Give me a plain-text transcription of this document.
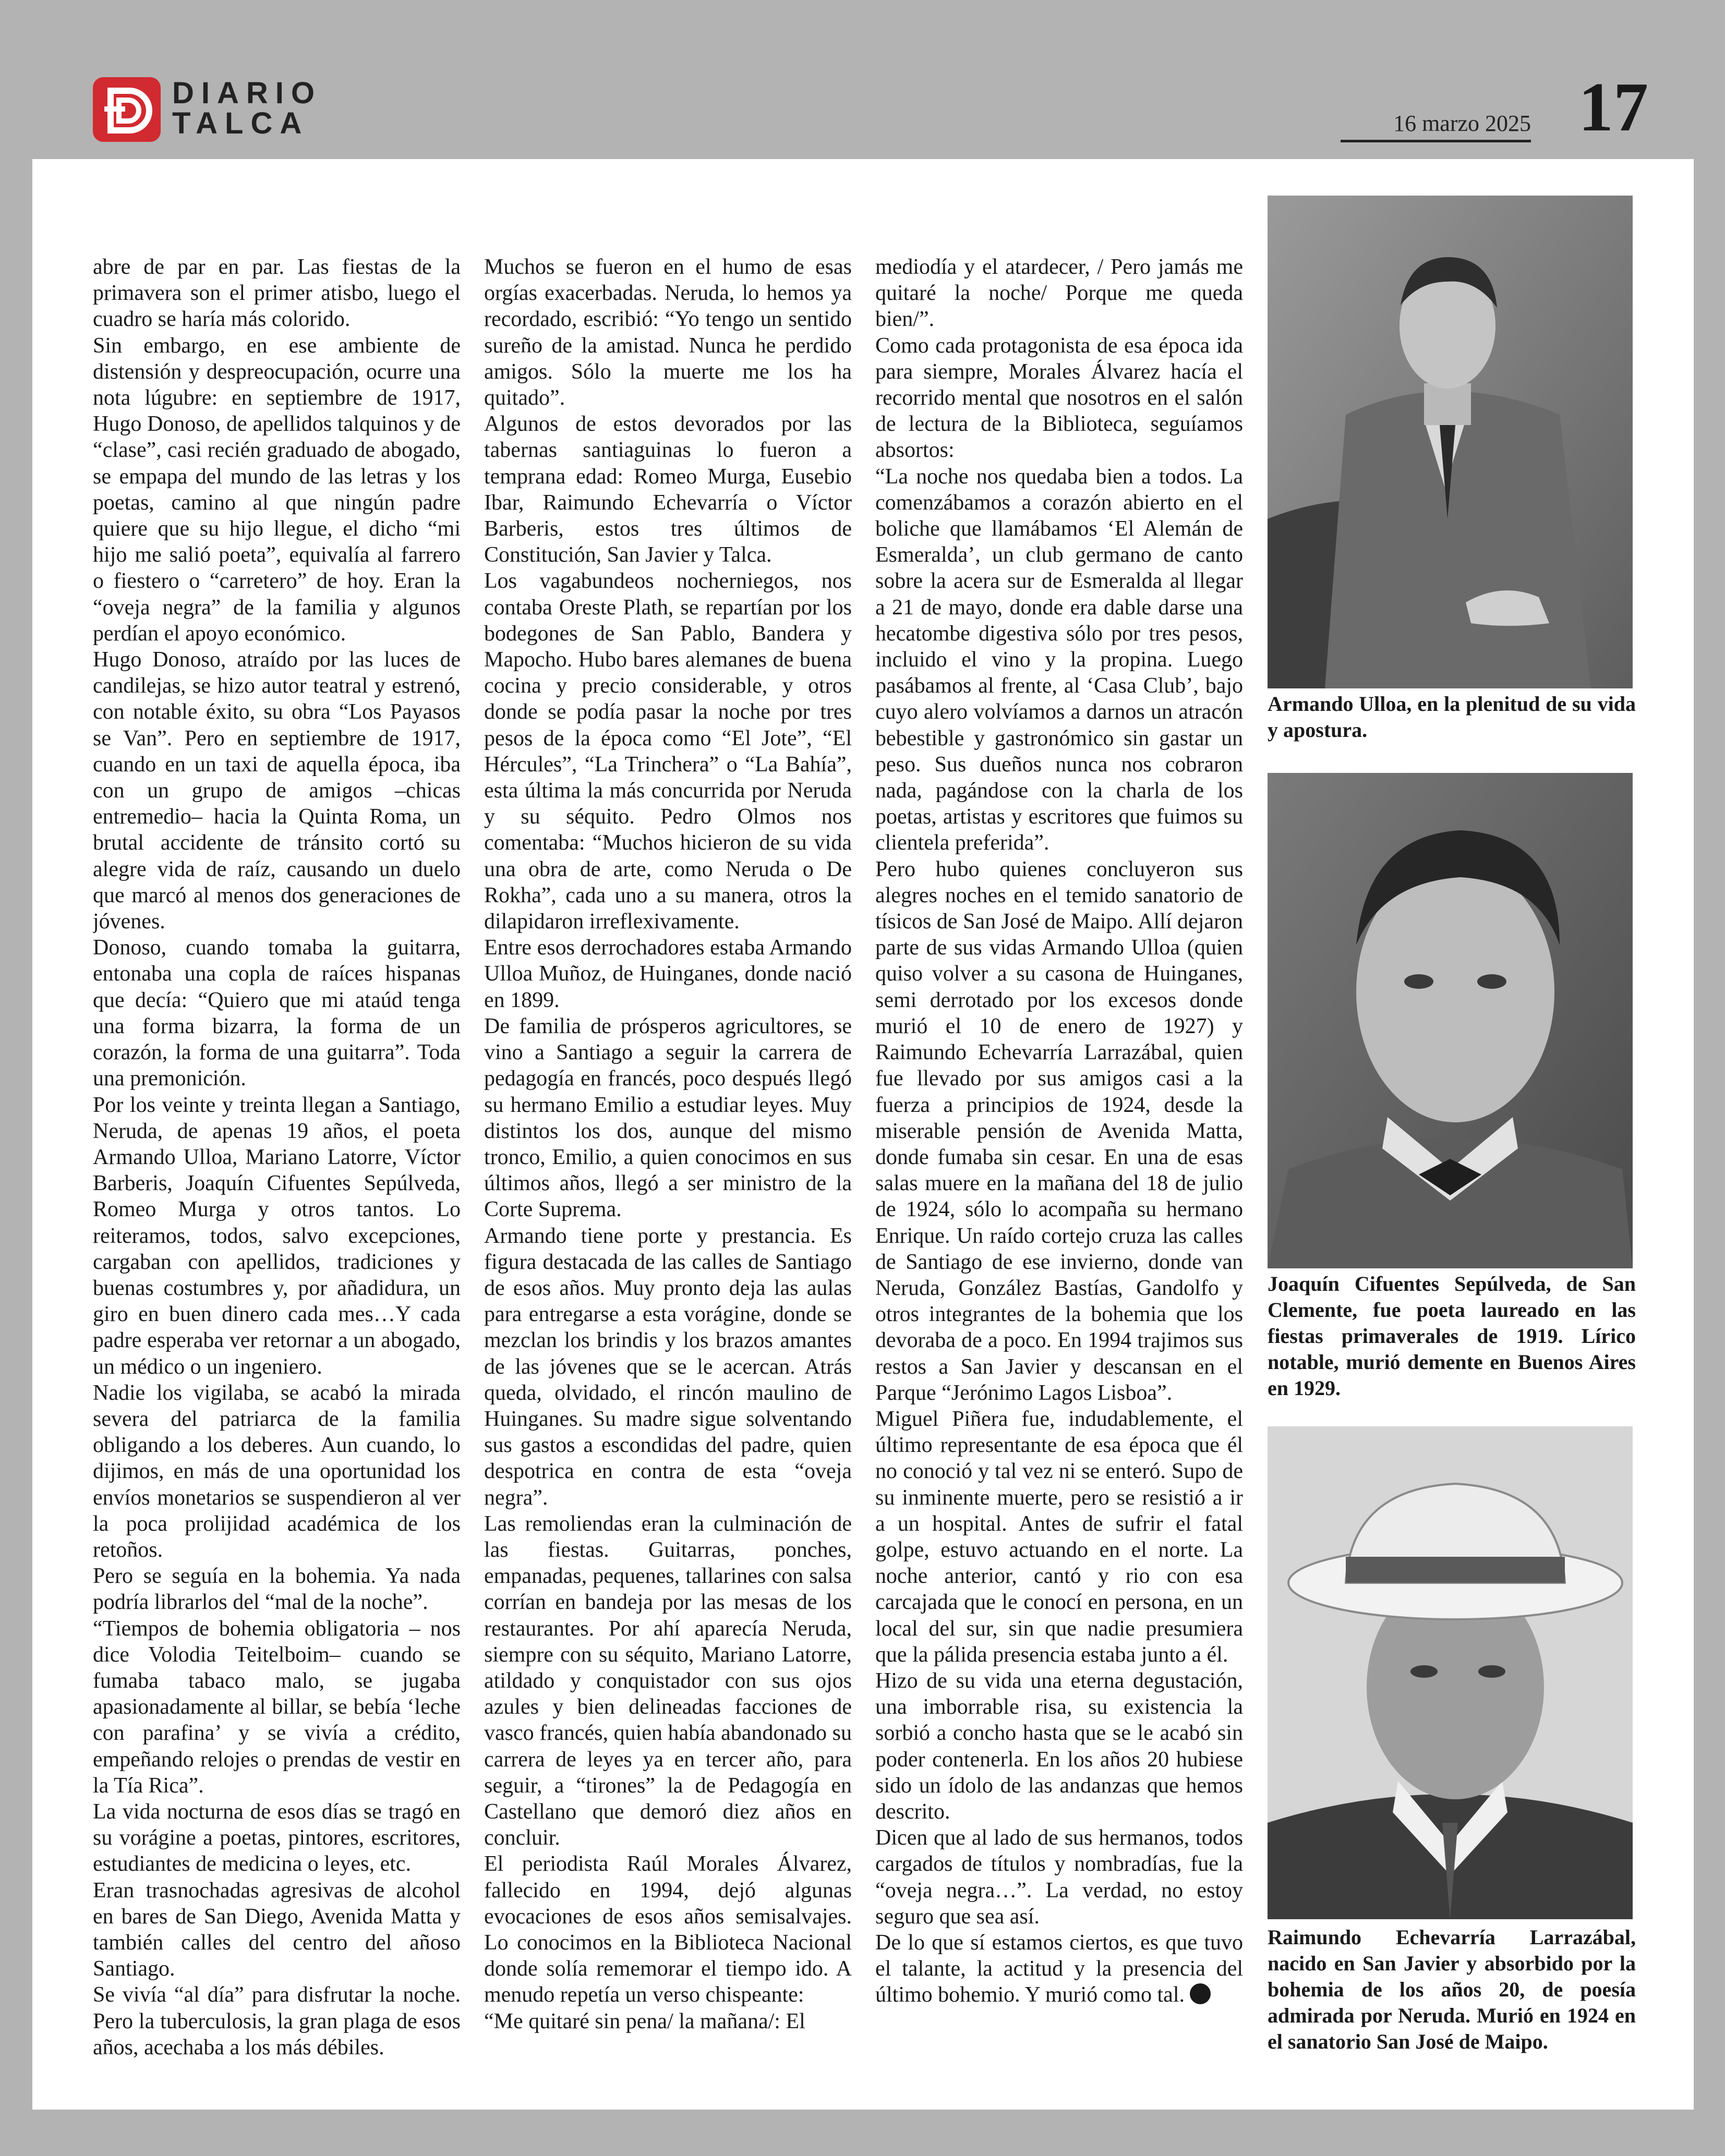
DIARIO
TALCA	16 marzo 2025 17

abre de par en par. Las fiestas de la primavera son el primer atisbo, luego el cuadro se haría más colorido.

Sin embargo, en ese ambiente de distensión y despreocupación, ocurre una nota lúgubre: en septiembre de 1917, Hugo Donoso, de apellidos talquinos y de “clase”, casi recién graduado de abogado, se empapa del mundo de las letras y los poetas, camino al que ningún padre quiere que su hijo llegue, el dicho “mi hijo me salió poeta”, equivalía al farrero o fiestero o “carretero” de hoy. Eran la “oveja negra” de la familia y algunos perdían el apoyo económico.

Hugo Donoso, atraído por las luces de candilejas, se hizo autor teatral y estrenó, con notable éxito, su obra “Los Payasos se Van”. Pero en septiembre de 1917, cuando en un taxi de aquella época, iba con un grupo de amigos –chicas entremedio– hacia la Quinta Roma, un brutal accidente de tránsito cortó su alegre vida de raíz, causando un duelo que marcó al menos dos generaciones de jóvenes.

Donoso, cuando tomaba la guitarra, entonaba una copla de raíces hispanas que decía: “Quiero que mi ataúd tenga una forma bizarra, la forma de un corazón, la forma de una guitarra”. Toda una premonición.

Por los veinte y treinta llegan a Santiago, Neruda, de apenas 19 años, el poeta Armando Ulloa, Mariano Latorre, Víctor Barberis, Joaquín Cifuentes Sepúlveda, Romeo Murga y otros tantos. Lo reiteramos, todos, salvo excepciones, cargaban con apellidos, tradiciones y buenas costumbres y, por añadidura, un giro en buen dinero cada mes…Y cada padre esperaba ver retornar a un abogado, un médico o un ingeniero.

Nadie los vigilaba, se acabó la mirada severa del patriarca de la familia obligando a los deberes. Aun cuando, lo dijimos, en más de una oportunidad los envíos monetarios se suspendieron al ver la poca prolijidad académica de los retoños.

Pero se seguía en la bohemia. Ya nada podría librarlos del “mal de la noche”.

“Tiempos de bohemia obligatoria – nos dice Volodia Teitelboim– cuando se fumaba tabaco malo, se jugaba apasionadamente al billar, se bebía ‘leche con parafina’ y se vivía a crédito, empeñando relojes o prendas de vestir en la Tía Rica”.

La vida nocturna de esos días se tragó en su vorágine a poetas, pintores, escritores, estudiantes de medicina o leyes, etc.

Eran trasnochadas agresivas de alcohol en bares de San Diego, Avenida Matta y también calles del centro del añoso Santiago.

Se vivía “al día” para disfrutar la noche. Pero la tuberculosis, la gran plaga de esos años, acechaba a los más débiles.

Muchos se fueron en el humo de esas orgías exacerbadas. Neruda, lo hemos ya recordado, escribió: “Yo tengo un sentido sureño de la amistad. Nunca he perdido amigos. Sólo la muerte me los ha quitado”.

Algunos de estos devorados por las tabernas santiaguinas lo fueron a temprana edad: Romeo Murga, Eusebio Ibar, Raimundo Echevarría o Víctor Barberis, estos tres últimos de Constitución, San Javier y Talca.

Los vagabundeos nocherniegos, nos contaba Oreste Plath, se repartían por los bodegones de San Pablo, Bandera y Mapocho. Hubo bares alemanes de buena cocina y precio considerable, y otros donde se podía pasar la noche por tres pesos de la época como “El Jote”, “El Hércules”, “La Trinchera” o “La Bahía”, esta última la más concurrida por Neruda y su séquito. Pedro Olmos nos comentaba: “Muchos hicieron de su vida una obra de arte, como Neruda o De Rokha”, cada uno a su manera, otros la dilapidaron irreflexivamente.

Entre esos derrochadores estaba Armando Ulloa Muñoz, de Huinganes, donde nació en 1899.

De familia de prósperos agricultores, se vino a Santiago a seguir la carrera de pedagogía en francés, poco después llegó su hermano Emilio a estudiar leyes. Muy distintos los dos, aunque del mismo tronco, Emilio, a quien conocimos en sus últimos años, llegó a ser ministro de la Corte Suprema.

Armando tiene porte y prestancia. Es figura destacada de las calles de Santiago de esos años. Muy pronto deja las aulas para entregarse a esta vorágine, donde se mezclan los brindis y los brazos amantes de las jóvenes que se le acercan. Atrás queda, olvidado, el rincón maulino de Huinganes. Su madre sigue solventando sus gastos a escondidas del padre, quien despotrica en contra de esta “oveja negra”.

Las remoliendas eran la culminación de las fiestas. Guitarras, ponches, empanadas, pequenes, tallarines con salsa corrían en bandeja por las mesas de los restaurantes. Por ahí aparecía Neruda, siempre con su séquito, Mariano Latorre, atildado y conquistador con sus ojos azules y bien delineadas facciones de vasco francés, quien había abandonado su carrera de leyes ya en tercer año, para seguir, a “tirones” la de Pedagogía en Castellano que demoró diez años en concluir.

El periodista Raúl Morales Álvarez, fallecido en 1994, dejó algunas evocaciones de esos años semisalvajes. Lo conocimos en la Biblioteca Nacional donde solía rememorar el tiempo ido. A menudo repetía un verso chispeante:

“Me quitaré sin pena/ la mañana/: El

mediodía y el atardecer, / Pero jamás me quitaré la noche/ Porque me queda bien/”.

Como cada protagonista de esa época ida para siempre, Morales Álvarez hacía el recorrido mental que nosotros en el salón de lectura de la Biblioteca, seguíamos absortos:

“La noche nos quedaba bien a todos. La comenzábamos a corazón abierto en el boliche que llamábamos ‘El Alemán de Esmeralda’, un club germano de canto sobre la acera sur de Esmeralda al llegar a 21 de mayo, donde era dable darse una hecatombe digestiva sólo por tres pesos, incluido el vino y la propina. Luego pasábamos al frente, al ‘Casa Club’, bajo cuyo alero volvíamos a darnos un atracón bebestible y gastronómico sin gastar un peso. Sus dueños nunca nos cobraron nada, pagándose con la charla de los poetas, artistas y escritores que fuimos su clientela preferida”.

Pero hubo quienes concluyeron sus alegres noches en el temido sanatorio de tísicos de San José de Maipo. Allí dejaron parte de sus vidas Armando Ulloa (quien quiso volver a su casona de Huinganes, semi derrotado por los excesos donde murió el 10 de enero de 1927) y Raimundo Echevarría Larrazábal, quien fue llevado por sus amigos casi a la fuerza a principios de 1924, desde la miserable pensión de Avenida Matta, donde fumaba sin cesar. En una de esas salas muere en la mañana del 18 de julio de 1924, sólo lo acompaña su hermano Enrique. Un raído cortejo cruza las calles de Santiago de ese invierno, donde van Neruda, González Bastías, Gandolfo y otros integrantes de la bohemia que los devoraba de a poco. En 1994 trajimos sus restos a San Javier y descansan en el Parque “Jerónimo Lagos Lisboa”.

Miguel Piñera fue, indudablemente, el último representante de esa época que él no conoció y tal vez ni se enteró. Supo de su inminente muerte, pero se resistió a ir a un hospital. Antes de sufrir el fatal golpe, estuvo actuando en el norte. La noche anterior, cantó y rio con esa carcajada que le conocí en persona, en un local del sur, sin que nadie presumiera que la pálida presencia estaba junto a él.

Hizo de su vida una eterna degustación, una imborrable risa, su existencia la sorbió a concho hasta que se le acabó sin poder contenerla. En los años 20 hubiese sido un ídolo de las andanzas que hemos descrito.

Dicen que al lado de sus hermanos, todos cargados de títulos y nombradías, fue la “oveja negra…”. La verdad, no estoy seguro que sea así.

De lo que sí estamos ciertos, es que tuvo el talante, la actitud y la presencia del último bohemio. Y murió como tal.

Armando Ulloa, en la plenitud de su vida y apostura.
Joaquín Cifuentes Sepúlveda, de San Clemente, fue poeta laureado en las fiestas primaverales de 1919. Lírico notable, murió demente en Buenos Aires en 1929.
Raimundo Echevarría Larrazábal, nacido en San Javier y absorbido por la bohemia de los años 20, de poesía admirada por Neruda. Murió en 1924 en el sanatorio San José de Maipo.
